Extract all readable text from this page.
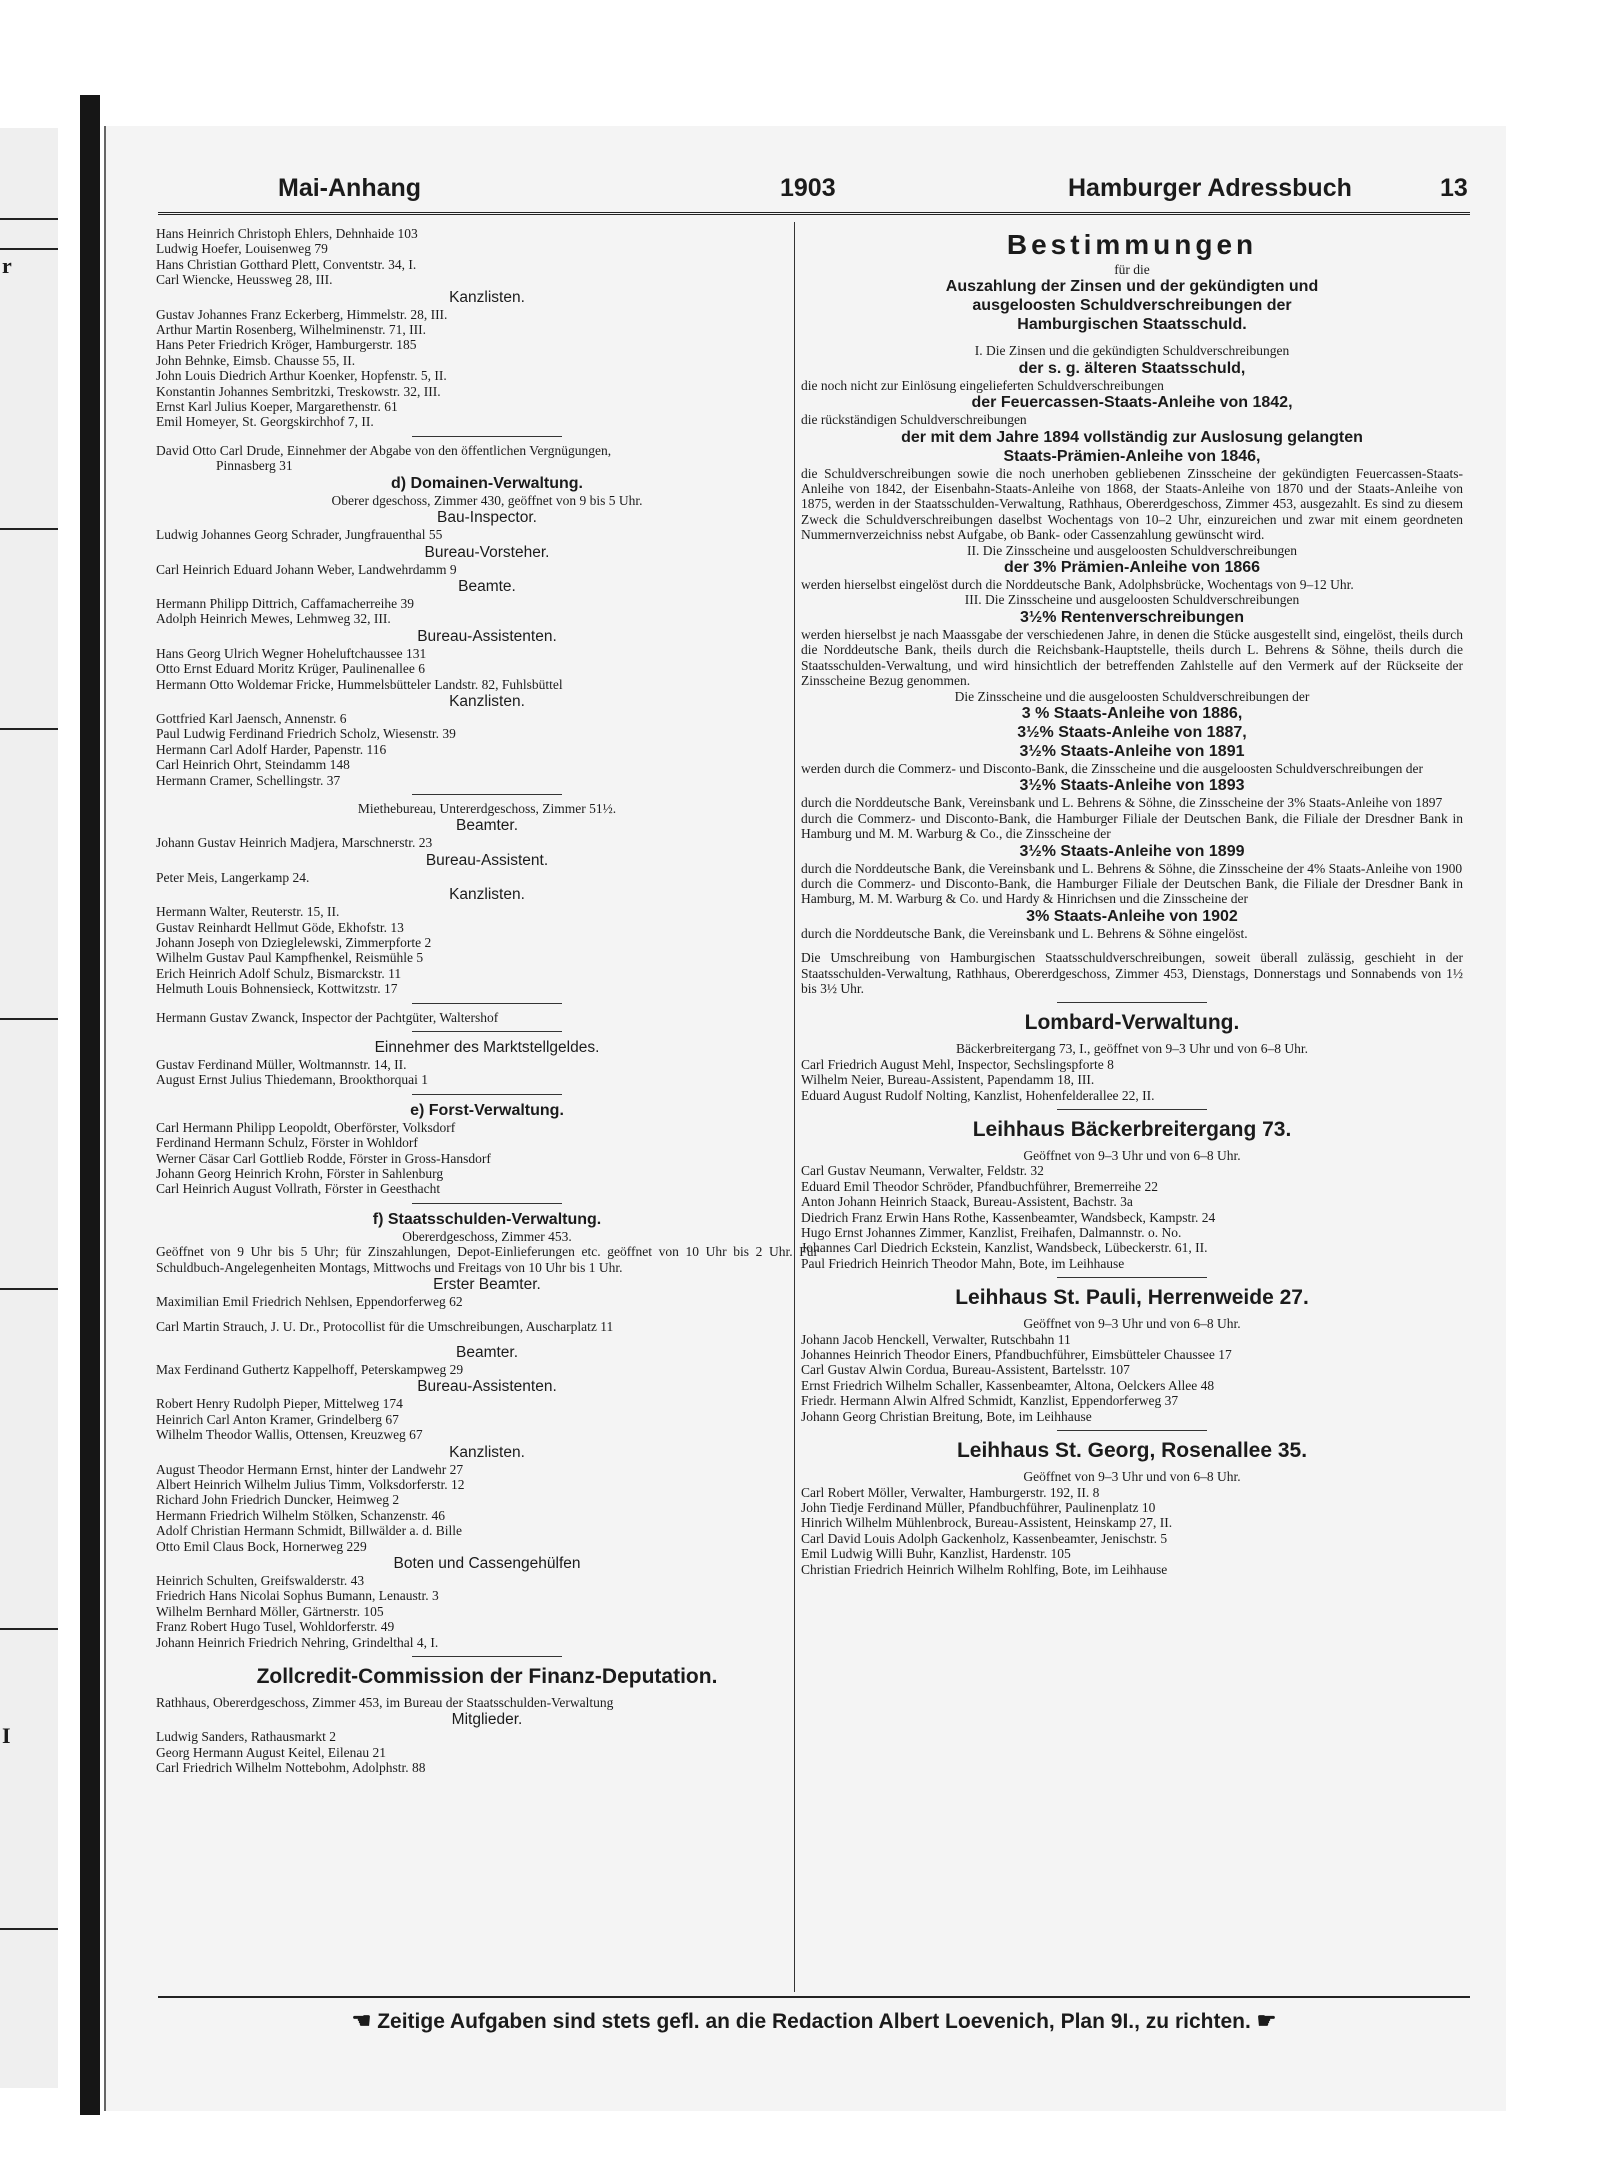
r
I
Mai-Anhang	1903	Hamburger Adressbuch	13

Hans Heinrich Christoph Ehlers, Dehnhaide 103

Ludwig Hoefer, Louisenweg 79

Hans Christian Gotthard Plett, Conventstr. 34, I.

Carl Wiencke, Heussweg 28, III.

Kanzlisten.

Gustav Johannes Franz Eckerberg, Himmelstr. 28, III.

Arthur Martin Rosenberg, Wilhelminenstr. 71, III.

Hans Peter Friedrich Kröger, Hamburgerstr. 185

John Behnke, Eimsb. Chausse 55, II.

John Louis Diedrich Arthur Koenker, Hopfenstr. 5, II.

Konstantin Johannes Sembritzki, Treskowstr. 32, III.

Ernst Karl Julius Koeper, Margarethenstr. 61

Emil Homeyer, St. Georgskirchhof 7, II.

David Otto Carl Drude, Einnehmer der Abgabe von den öffentlichen Vergnügungen,

Pinnasberg 31

d) Domainen-Verwaltung.

Oberer dgeschoss, Zimmer 430, geöffnet von 9 bis 5 Uhr.

Bau-Inspector.

Ludwig Johannes Georg Schrader, Jungfrauenthal 55

Bureau-Vorsteher.

Carl Heinrich Eduard Johann Weber, Landwehrdamm 9

Beamte.

Hermann Philipp Dittrich, Caffamacherreihe 39

Adolph Heinrich Mewes, Lehmweg 32, III.

Bureau-Assistenten.

Hans Georg Ulrich Wegner Hoheluftchaussee 131

Otto Ernst Eduard Moritz Krüger, Paulinenallee 6

Hermann Otto Woldemar Fricke, Hummelsbütteler Landstr. 82, Fuhlsbüttel

Kanzlisten.

Gottfried Karl Jaensch, Annenstr. 6

Paul Ludwig Ferdinand Friedrich Scholz, Wiesenstr. 39

Hermann Carl Adolf Harder, Papenstr. 116

Carl Heinrich Ohrt, Steindamm 148

Hermann Cramer, Schellingstr. 37

Miethebureau, Untererdgeschoss, Zimmer 51½.

Beamter.

Johann Gustav Heinrich Madjera, Marschnerstr. 23

Bureau-Assistent.

Peter Meis, Langerkamp 24.

Kanzlisten.

Hermann Walter, Reuterstr. 15, II.

Gustav Reinhardt Hellmut Göde, Ekhofstr. 13

Johann Joseph von Dzieglelewski, Zimmerpforte 2

Wilhelm Gustav Paul Kampfhenkel, Reismühle 5

Erich Heinrich Adolf Schulz, Bismarckstr. 11

Helmuth Louis Bohnensieck, Kottwitzstr. 17

Hermann Gustav Zwanck, Inspector der Pachtgüter, Waltershof

Einnehmer des Marktstellgeldes.

Gustav Ferdinand Müller, Woltmannstr. 14, II.

August Ernst Julius Thiedemann, Brookthorquai 1

e) Forst-Verwaltung.

Carl Hermann Philipp Leopoldt, Oberförster, Volksdorf

Ferdinand Hermann Schulz, Förster in Wohldorf

Werner Cäsar Carl Gottlieb Rodde, Förster in Gross-Hansdorf

Johann Georg Heinrich Krohn, Förster in Sahlenburg

Carl Heinrich August Vollrath, Förster in Geesthacht

f) Staatsschulden-Verwaltung.

Obererdgeschoss, Zimmer 453.

Geöffnet von 9 Uhr bis 5 Uhr; für Zinszahlungen, Depot-Einlieferungen etc. geöffnet von 10 Uhr bis 2 Uhr. Für Schuldbuch-Angelegenheiten Montags, Mittwochs und Freitags von 10 Uhr bis 1 Uhr.

Erster Beamter.

Maximilian Emil Friedrich Nehlsen, Eppendorferweg 62

Carl Martin Strauch, J. U. Dr., Protocollist für die Umschreibungen, Auscharplatz 11

Beamter.

Max Ferdinand Guthertz Kappelhoff, Peterskampweg 29

Bureau-Assistenten.

Robert Henry Rudolph Pieper, Mittelweg 174

Heinrich Carl Anton Kramer, Grindelberg 67

Wilhelm Theodor Wallis, Ottensen, Kreuzweg 67

Kanzlisten.

August Theodor Hermann Ernst, hinter der Landwehr 27

Albert Heinrich Wilhelm Julius Timm, Volksdorferstr. 12

Richard John Friedrich Duncker, Heimweg 2

Hermann Friedrich Wilhelm Stölken, Schanzenstr. 46

Adolf Christian Hermann Schmidt, Billwälder a. d. Bille

Otto Emil Claus Bock, Hornerweg 229

Boten und Cassengehülfen

Heinrich Schulten, Greifswalderstr. 43

Friedrich Hans Nicolai Sophus Bumann, Lenaustr. 3

Wilhelm Bernhard Möller, Gärtnerstr. 105

Franz Robert Hugo Tusel, Wohldorferstr. 49

Johann Heinrich Friedrich Nehring, Grindelthal 4, I.

Zollcredit-Commission der Finanz-Deputation.

Rathhaus, Obererdgeschoss, Zimmer 453, im Bureau der Staatsschulden-Verwaltung

Mitglieder.

Ludwig Sanders, Rathausmarkt 2

Georg Hermann August Keitel, Eilenau 21

Carl Friedrich Wilhelm Nottebohm, Adolphstr. 88

Bestimmungen

für die

Auszahlung der Zinsen und der gekündigten und

ausgeloosten Schuldverschreibungen der

Hamburgischen Staatsschuld.

I. Die Zinsen und die gekündigten Schuldverschreibungen

der s. g. älteren Staatsschuld,

die noch nicht zur Einlösung eingelieferten Schuldverschreibungen

der Feuercassen-Staats-Anleihe von 1842,

die rückständigen Schuldverschreibungen

der mit dem Jahre 1894 vollständig zur Auslosung gelangten

Staats-Prämien-Anleihe von 1846,

die Schuldverschreibungen sowie die noch unerhoben gebliebenen Zinsscheine der gekündigten Feuercassen-Staats-Anleihe von 1842, der Eisenbahn-Staats-Anleihe von 1868, der Staats-Anleihe von 1870 und der Staats-Anleihe von 1875, werden in der Staatsschulden-Verwaltung, Rathhaus, Obererdgeschoss, Zimmer 453, ausgezahlt. Es sind zu diesem Zweck die Schuldverschreibungen daselbst Wochentags von 10–2 Uhr, einzureichen und zwar mit einem geordneten Nummernverzeichniss nebst Aufgabe, ob Bank- oder Cassenzahlung gewünscht wird.

II. Die Zinsscheine und ausgeloosten Schuldverschreibungen

der 3% Prämien-Anleihe von 1866

werden hierselbst eingelöst durch die Norddeutsche Bank, Adolphsbrücke, Wochentags von 9–12 Uhr.

III. Die Zinsscheine und ausgeloosten Schuldverschreibungen

3½% Rentenverschreibungen

werden hierselbst je nach Maassgabe der verschiedenen Jahre, in denen die Stücke ausgestellt sind, eingelöst, theils durch die Norddeutsche Bank, theils durch die Reichsbank-Hauptstelle, theils durch L. Behrens & Söhne, theils durch die Staatsschulden-Verwaltung, und wird hinsichtlich der betreffenden Zahlstelle auf den Vermerk auf der Rückseite der Zinsscheine Bezug genommen.

Die Zinsscheine und die ausgeloosten Schuldverschreibungen der

3 % Staats-Anleihe von 1886,

3½% Staats-Anleihe von 1887,

3½% Staats-Anleihe von 1891

werden durch die Commerz- und Disconto-Bank, die Zinsscheine und die ausgeloosten Schuldverschreibungen der

3½% Staats-Anleihe von 1893

durch die Norddeutsche Bank, Vereinsbank und L. Behrens & Söhne, die Zinsscheine der 3% Staats-Anleihe von 1897

durch die Commerz- und Disconto-Bank, die Hamburger Filiale der Deutschen Bank, die Filiale der Dresdner Bank in Hamburg und M. M. Warburg & Co., die Zinsscheine der

3½% Staats-Anleihe von 1899

durch die Norddeutsche Bank, die Vereinsbank und L. Behrens & Söhne, die Zinsscheine der 4% Staats-Anleihe von 1900

durch die Commerz- und Disconto-Bank, die Hamburger Filiale der Deutschen Bank, die Filiale der Dresdner Bank in Hamburg, M. M. Warburg & Co. und Hardy & Hinrichsen und die Zinsscheine der

3% Staats-Anleihe von 1902

durch die Norddeutsche Bank, die Vereinsbank und L. Behrens & Söhne eingelöst.

Die Umschreibung von Hamburgischen Staatsschuldverschreibungen, soweit überall zulässig, geschieht in der Staatsschulden-Verwaltung, Rathhaus, Obererdgeschoss, Zimmer 453, Dienstags, Donnerstags und Sonnabends von 1½ bis 3½ Uhr.

Lombard-Verwaltung.

Bäckerbreitergang 73, I., geöffnet von 9–3 Uhr und von 6–8 Uhr.

Carl Friedrich August Mehl, Inspector, Sechslingspforte 8

Wilhelm Neier, Bureau-Assistent, Papendamm 18, III.

Eduard August Rudolf Nolting, Kanzlist, Hohenfelderallee 22, II.

Leihhaus Bäckerbreitergang 73.

Geöffnet von 9–3 Uhr und von 6–8 Uhr.

Carl Gustav Neumann, Verwalter, Feldstr. 32

Eduard Emil Theodor Schröder, Pfandbuchführer, Bremerreihe 22

Anton Johann Heinrich Staack, Bureau-Assistent, Bachstr. 3a

Diedrich Franz Erwin Hans Rothe, Kassenbeamter, Wandsbeck, Kampstr. 24

Hugo Ernst Johannes Zimmer, Kanzlist, Freihafen, Dalmannstr. o. No.

Johannes Carl Diedrich Eckstein, Kanzlist, Wandsbeck, Lübeckerstr. 61, II.

Paul Friedrich Heinrich Theodor Mahn, Bote, im Leihhause

Leihhaus St. Pauli, Herrenweide 27.

Geöffnet von 9–3 Uhr und von 6–8 Uhr.

Johann Jacob Henckell, Verwalter, Rutschbahn 11

Johannes Heinrich Theodor Einers, Pfandbuchführer, Eimsbütteler Chaussee 17

Carl Gustav Alwin Cordua, Bureau-Assistent, Bartelsstr. 107

Ernst Friedrich Wilhelm Schaller, Kassenbeamter, Altona, Oelckers Allee 48

Friedr. Hermann Alwin Alfred Schmidt, Kanzlist, Eppendorferweg 37

Johann Georg Christian Breitung, Bote, im Leihhause

Leihhaus St. Georg, Rosenallee 35.

Geöffnet von 9–3 Uhr und von 6–8 Uhr.

Carl Robert Möller, Verwalter, Hamburgerstr. 192, II. 8

John Tiedje Ferdinand Müller, Pfandbuchführer, Paulinenplatz 10

Hinrich Wilhelm Mühlenbrock, Bureau-Assistent, Heinskamp 27, II.

Carl David Louis Adolph Gackenholz, Kassenbeamter, Jenischstr. 5

Emil Ludwig Willi Buhr, Kanzlist, Hardenstr. 105

Christian Friedrich Heinrich Wilhelm Rohlfing, Bote, im Leihhause

☚ Zeitige Aufgaben sind stets gefl. an die Redaction Albert Loevenich, Plan 9I., zu richten. ☛
